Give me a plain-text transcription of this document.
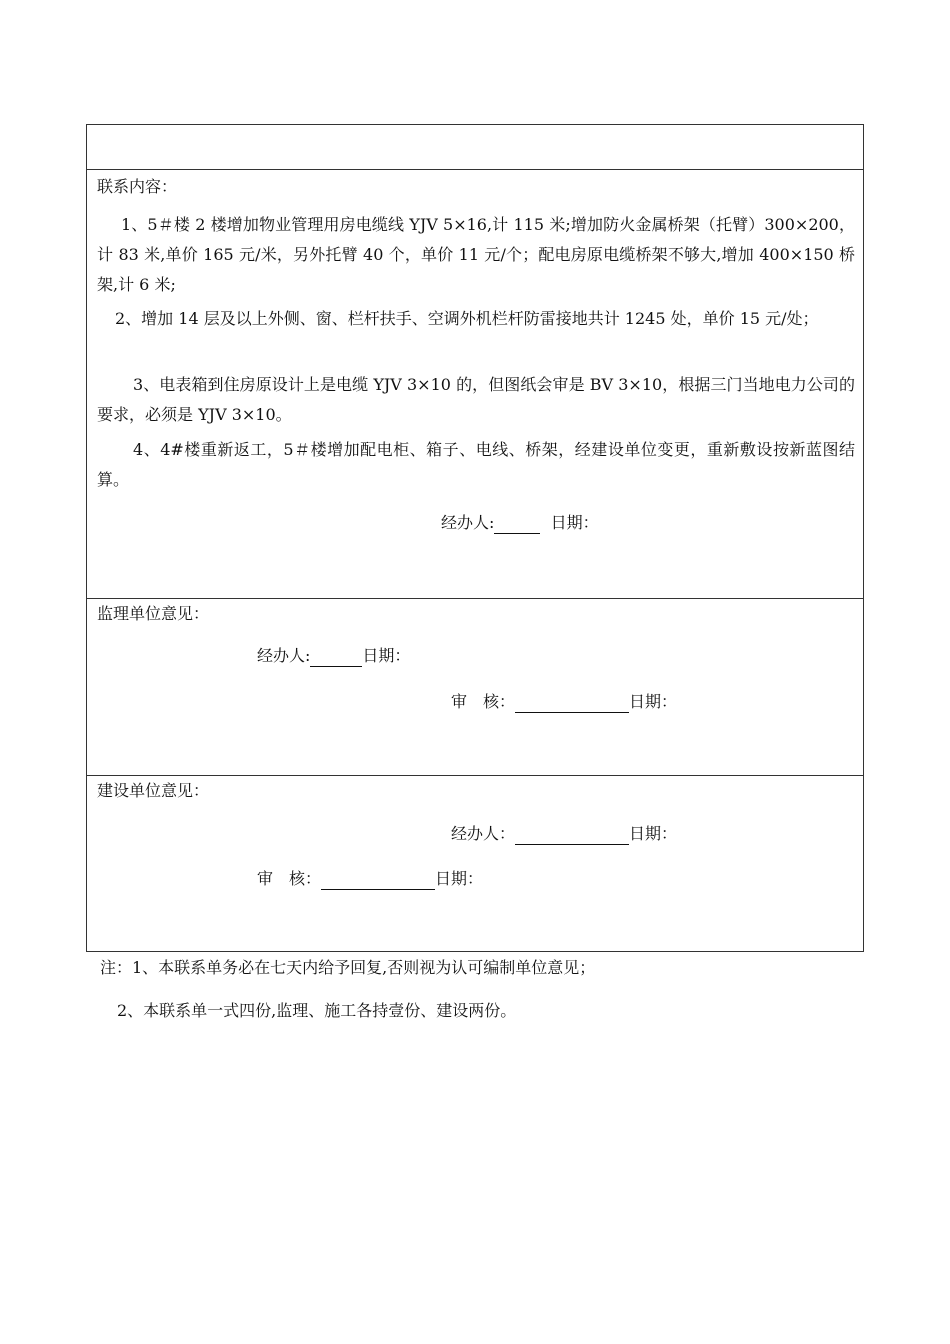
联系内容：
1、5＃楼 2 楼增加物业管理用房电缆线 YJV 5×16,计 115 米;增加防火金属桥架（托臂）300×200，计 83 米,单价 165 元/米，另外托臂 40 个，单价 11 元/个；配电房原电缆桥架不够大,增加 400×150 桥架,计 6 米;
2、增加 14 层及以上外侧、窗、栏杆扶手、空调外机栏杆防雷接地共计 1245 处，单价 15 元/处；
3、电表箱到住房原设计上是电缆 YJV 3×10 的，但图纸会审是 BV 3×10，根据三门当地电力公司的要求，必须是 YJV 3×10。
4、4#楼重新返工，5＃楼增加配电柜、箱子、电线、桥架，经建设单位变更，重新敷设按新蓝图结算。
经办人:	日期：
监理单位意见：
经办人:	日期：
审　核：	日期：
建设单位意见：
经办人：	日期：
审　核：	日期：
注：1、本联系单务必在七天内给予回复,否则视为认可编制单位意见；
2、本联系单一式四份,监理、施工各持壹份、建设两份。
